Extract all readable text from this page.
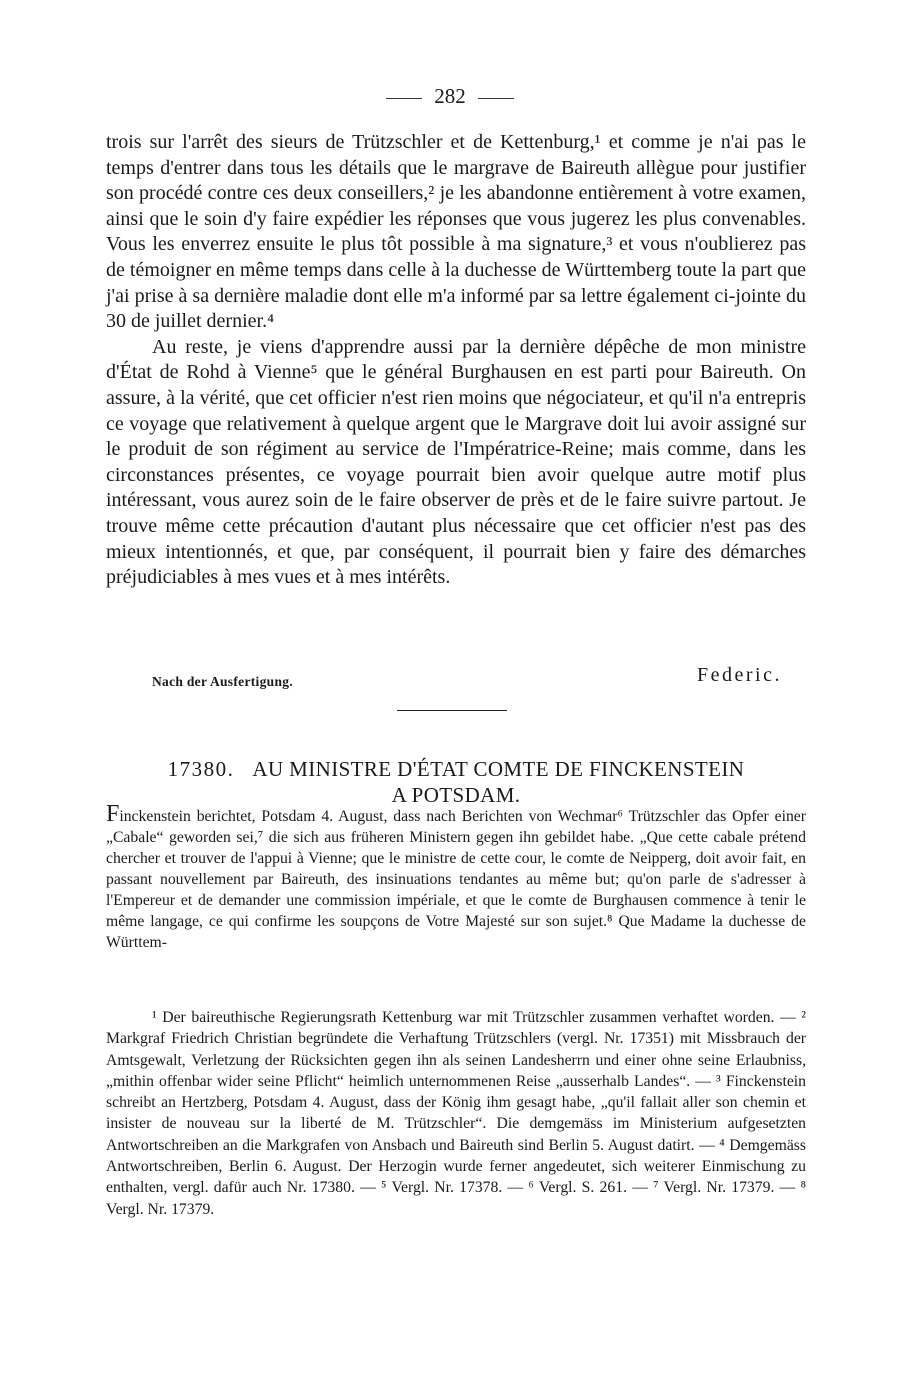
282

trois sur l'arrêt des sieurs de Trützschler et de Kettenburg,¹ et comme je n'ai pas le temps d'entrer dans tous les détails que le margrave de Baireuth allègue pour justifier son procédé contre ces deux conseillers,² je les abandonne entièrement à votre examen, ainsi que le soin d'y faire expédier les réponses que vous jugerez les plus convenables. Vous les enverrez ensuite le plus tôt possible à ma signature,³ et vous n'oublierez pas de témoigner en même temps dans celle à la duchesse de Württemberg toute la part que j'ai prise à sa dernière maladie dont elle m'a informé par sa lettre également ci-jointe du 30 de juillet dernier.⁴

Au reste, je viens d'apprendre aussi par la dernière dépêche de mon ministre d'État de Rohd à Vienne⁵ que le général Burghausen en est parti pour Baireuth. On assure, à la vérité, que cet officier n'est rien moins que négociateur, et qu'il n'a entrepris ce voyage que relativement à quelque argent que le Margrave doit lui avoir assigné sur le produit de son régiment au service de l'Impératrice-Reine; mais comme, dans les circonstances présentes, ce voyage pourrait bien avoir quelque autre motif plus intéressant, vous aurez soin de le faire observer de près et de le faire suivre partout. Je trouve même cette précaution d'autant plus nécessaire que cet officier n'est pas des mieux intentionnés, et que, par conséquent, il pourrait bien y faire des démarches préjudiciables à mes vues et à mes intérêts.

Nach der Ausfertigung.	Federic.
17380. AU MINISTRE D'ÉTAT COMTE DE FINCKENSTEIN
A POTSDAM.
Finckenstein berichtet, Potsdam 4. August, dass nach Berichten von Wechmar⁶ Trützschler das Opfer einer „Cabale“ geworden sei,⁷ die sich aus früheren Ministern gegen ihn gebildet habe. „Que cette cabale prétend chercher et trouver de l'appui à Vienne; que le ministre de cette cour, le comte de Neipperg, doit avoir fait, en passant nouvellement par Baireuth, des insinuations tendantes au même but; qu'on parle de s'adresser à l'Empereur et de demander une commission impériale, et que le comte de Burghausen commence à tenir le même langage, ce qui confirme les soupçons de Votre Majesté sur son sujet.⁸ Que Madame la duchesse de Württem-

¹ Der baireuthische Regierungsrath Kettenburg war mit Trützschler zusammen verhaftet worden. — ² Markgraf Friedrich Christian begründete die Verhaftung Trützschlers (vergl. Nr. 17351) mit Missbrauch der Amtsgewalt, Verletzung der Rücksichten gegen ihn als seinen Landesherrn und einer ohne seine Erlaubniss, „mithin offenbar wider seine Pflicht“ heimlich unternommenen Reise „ausserhalb Landes“. — ³ Finckenstein schreibt an Hertzberg, Potsdam 4. August, dass der König ihm gesagt habe, „qu'il fallait aller son chemin et insister de nouveau sur la liberté de M. Trützschler“. Die demgemäss im Ministerium aufgesetzten Antwortschreiben an die Markgrafen von Ansbach und Baireuth sind Berlin 5. August datirt. — ⁴ Demgemäss Antwortschreiben, Berlin 6. August. Der Herzogin wurde ferner angedeutet, sich weiterer Einmischung zu enthalten, vergl. dafür auch Nr. 17380. — ⁵ Vergl. Nr. 17378. — ⁶ Vergl. S. 261. — ⁷ Vergl. Nr. 17379. — ⁸ Vergl. Nr. 17379.
